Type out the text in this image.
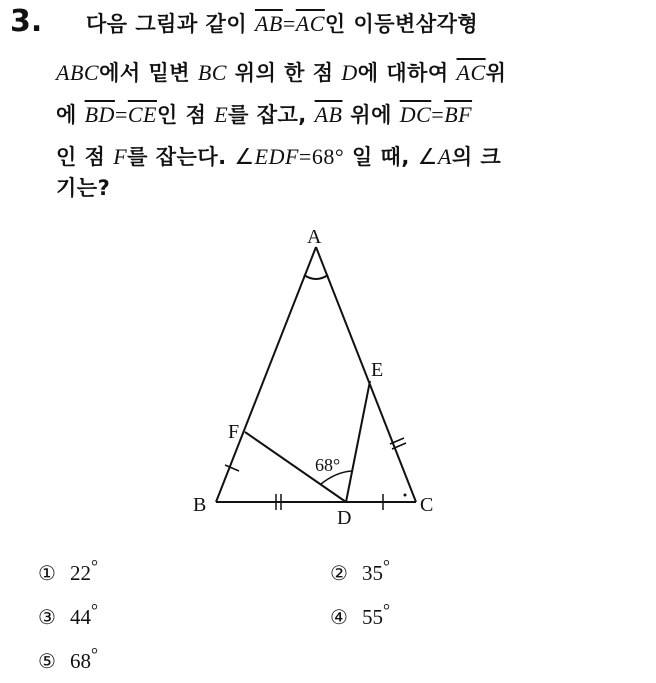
3. 다음 그림과 같이 $\overline{AB}=\overline{AC}$인 이등변삼각형
ABC에서 밑변 BC 위의 한 점 D에 대하여 $\overline{AC}$위
에 $\overline{BD}=\overline{CE}$인 점 E를 잡고, $\overline{AB}$ 위에 $\overline{DC}=\overline{BF}$
인 점 F를 잡는다. ∠EDF=68° 일 때, ∠A의 크
기는?
A
B	C
D
E
F
68°
① 22°	② 35°
③ 44°	④ 55°
⑤ 68°
